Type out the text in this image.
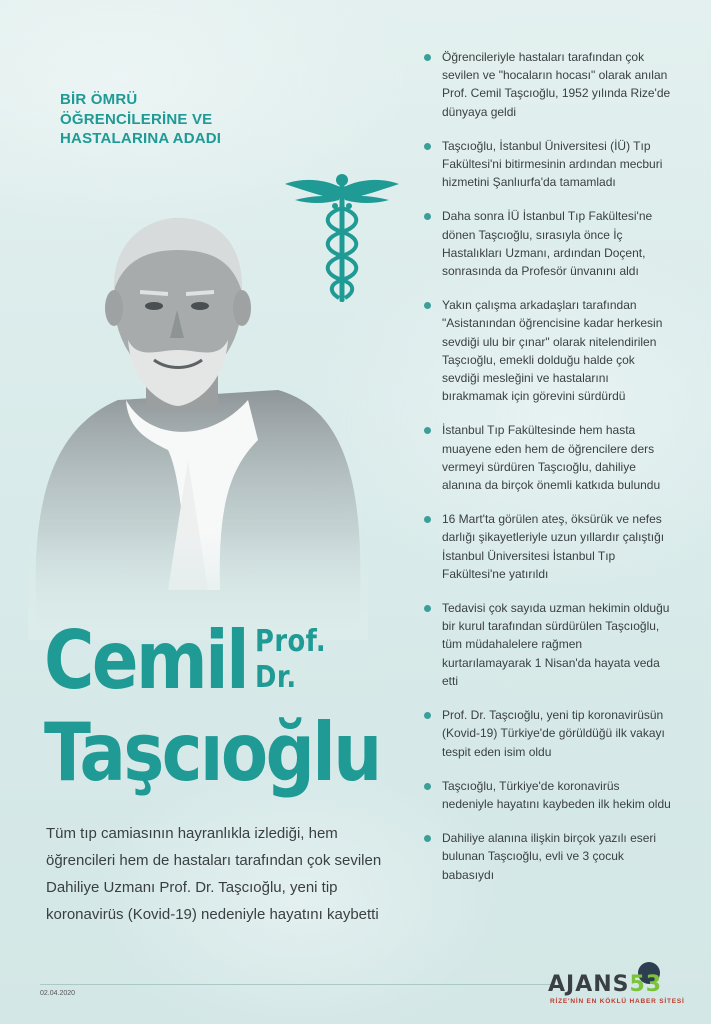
BİR ÖMRÜ ÖĞRENCİLERİNE VE HASTALARINA ADADI
Cemil Prof.
Dr.
Taşcıoğlu
Tüm tıp camiasının hayranlıkla izlediği, hem öğrencileri hem de hastaları tarafından çok sevilen Dahiliye Uzmanı Prof. Dr. Taşcıoğlu, yeni tip koronavirüs (Kovid-19) nedeniyle hayatını kaybetti
Öğrencileriyle hastaları tarafından çok sevilen ve "hocaların hocası" olarak anılan Prof. Cemil Taşcıoğlu, 1952 yılında Rize'de dünyaya geldi
Taşcıoğlu, İstanbul Üniversitesi (İÜ) Tıp Fakültesi'ni bitirmesinin ardından mecburi hizmetini Şanlıurfa'da tamamladı
Daha sonra İÜ İstanbul Tıp Fakültesi'ne dönen Taşcıoğlu, sırasıyla önce İç Hastalıkları Uzmanı, ardından Doçent, sonrasında da Profesör ünvanını aldı
Yakın çalışma arkadaşları tarafından "Asistanından öğrencisine kadar herkesin sevdiği ulu bir çınar" olarak nitelendirilen Taşcıoğlu, emekli dolduğu halde çok sevdiği mesleğini ve hastalarını bırakmamak için görevini sürdürdü
İstanbul Tıp Fakültesinde hem hasta muayene eden hem de öğrencilere ders vermeyi sürdüren Taşcıoğlu, dahiliye alanına da birçok önemli katkıda bulundu
16 Mart'ta görülen ateş, öksürük ve nefes darlığı şikayetleriyle uzun yıllardır çalıştığı İstanbul Üniversitesi İstanbul Tıp Fakültesi'ne yatırıldı
Tedavisi çok sayıda uzman hekimin olduğu bir kurul tarafından sürdürülen Taşcıoğlu, tüm müdahalelere rağmen kurtarılamayarak 1 Nisan'da hayata veda etti
Prof. Dr. Taşcıoğlu, yeni tip koronavirüsün (Kovid-19) Türkiye'de görüldüğü ilk vakayı tespit eden isim oldu
Taşcıoğlu, Türkiye'de koronavirüs nedeniyle hayatını kaybeden ilk hekim oldu
Dahiliye alanına ilişkin birçok yazılı eseri bulunan Taşcıoğlu, evli ve 3 çocuk babasıydı
02.04.2020	AJANS53
RİZE'NİN EN KÖKLÜ HABER SİTESİ
